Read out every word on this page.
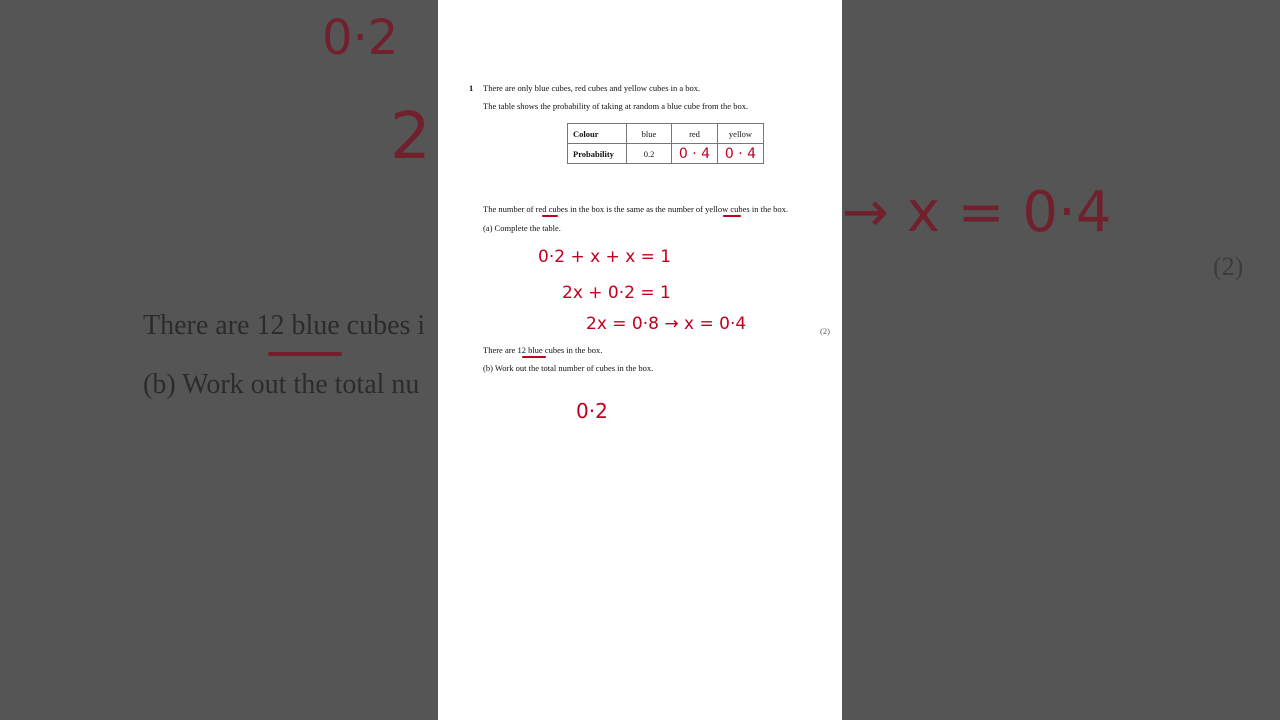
0·2
2
→ x = 0·4
(2)
There are 12 blue cubes i
(b) Work out the total nu
1 There are only blue cubes, red cubes and yellow cubes in a box.
The table shows the probability of taking at random a blue cube from the box.
Colour	blue	red	yellow
Probability	0.2	0 · 4	0 · 4
The number of red cubes in the box is the same as the number of yellow cubes in the box.
(a) Complete the table.
0·2 + x + x = 1
2x + 0·2 = 1
2x = 0·8 → x = 0·4	(2)
There are 12 blue cubes in the box.
(b) Work out the total number of cubes in the box.
0·2
